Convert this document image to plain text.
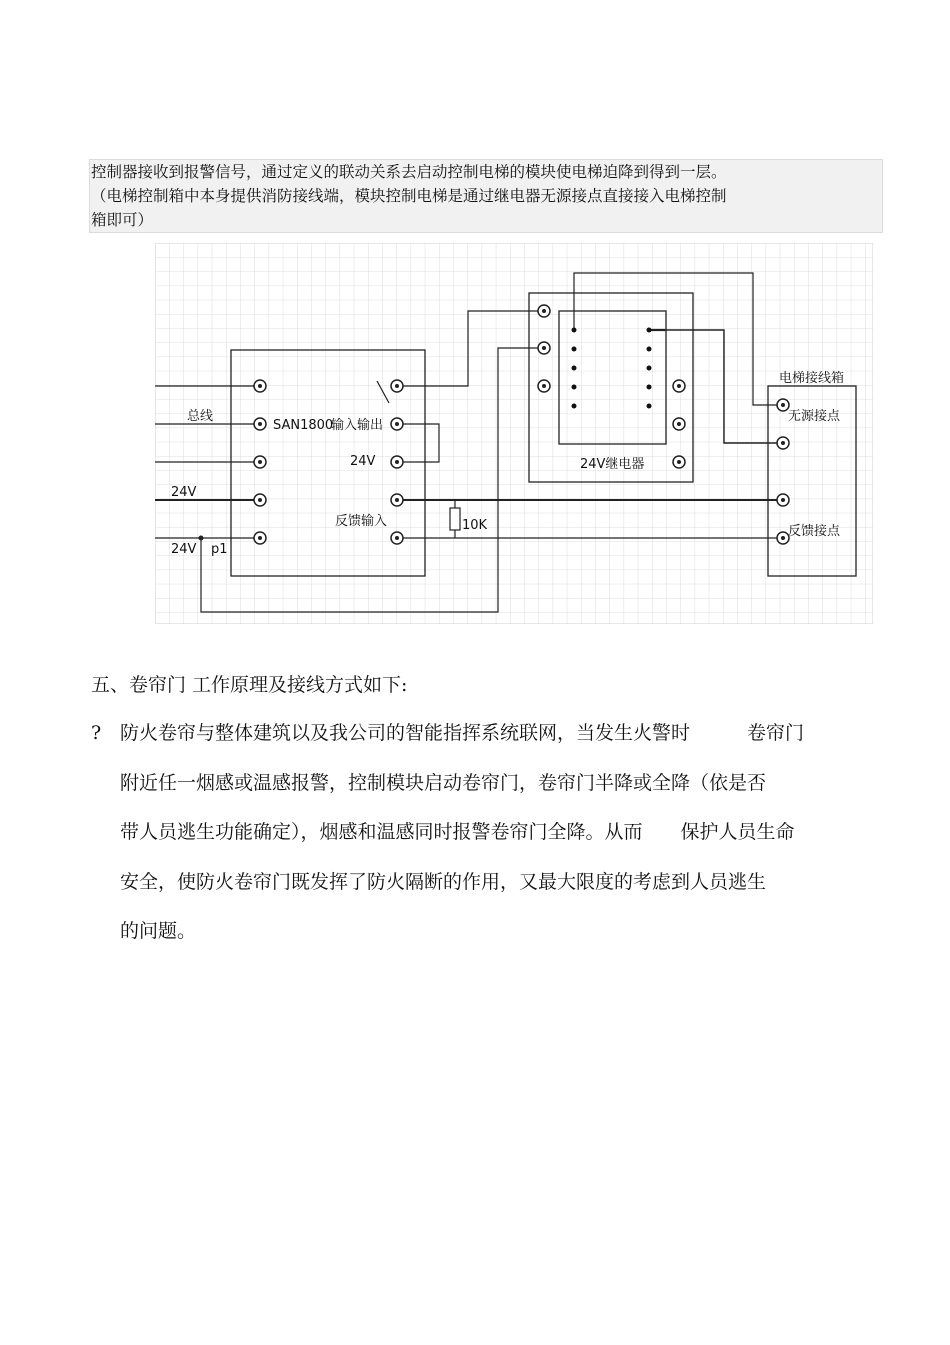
控制器接收到报警信号，通过定义的联动关系去启动控制电梯的模块使电梯迫降到得到一层。
（电梯控制箱中本身提供消防接线端，模块控制电梯是通过继电器无源接点直接接入电梯控制
箱即可）
总线
SAN1800
输入输出
24V
反馈输入
24V
24V p1
10K
24V继电器
电梯接线箱
无源接点
反馈接点
五、卷帘门 工作原理及接线方式如下:
? 防火卷帘与整体建筑以及我公司的智能指挥系统联网，当发生火警时　　　卷帘门
附近任一烟感或温感报警，控制模块启动卷帘门，卷帘门半降或全降（依是否
带人员逃生功能确定），烟感和温感同时报警卷帘门全降。从而　　保护人员生命
安全，使防火卷帘门既发挥了防火隔断的作用，又最大限度的考虑到人员逃生
的问题。
